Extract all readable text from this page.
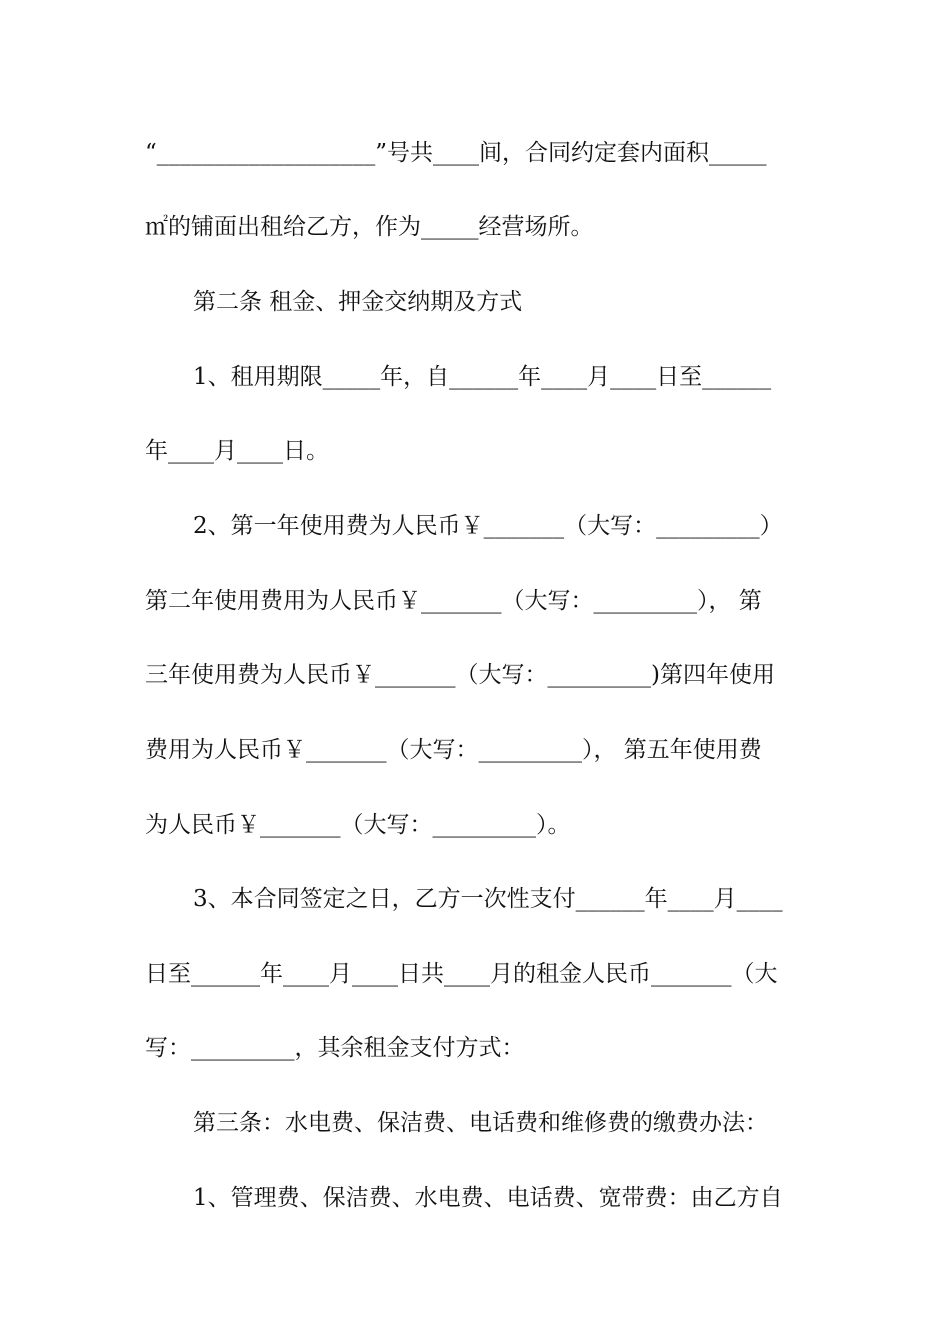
“___________________”号共____间，合同约定套内面积_____
㎡的铺面出租给乙方，作为_____经营场所。
第二条 租金、押金交纳期及方式
1、租用期限_____年，自______年____月____日至______
年____月____日。
2、第一年使用费为人民币￥_______（大写：_________）
第二年使用费用为人民币￥_______（大写：_________）， 第
三年使用费为人民币￥_______（大写：_________)第四年使用
费用为人民币￥_______（大写：_________）， 第五年使用费
为人民币￥_______（大写：_________）。
3、本合同签定之日，乙方一次性支付______年____月____
日至______年____月____日共____月的租金人民币_______（大
写：_________，其余租金支付方式：
第三条：水电费、保洁费、电话费和维修费的缴费办法：
1、管理费、保洁费、水电费、电话费、宽带费：由乙方自
